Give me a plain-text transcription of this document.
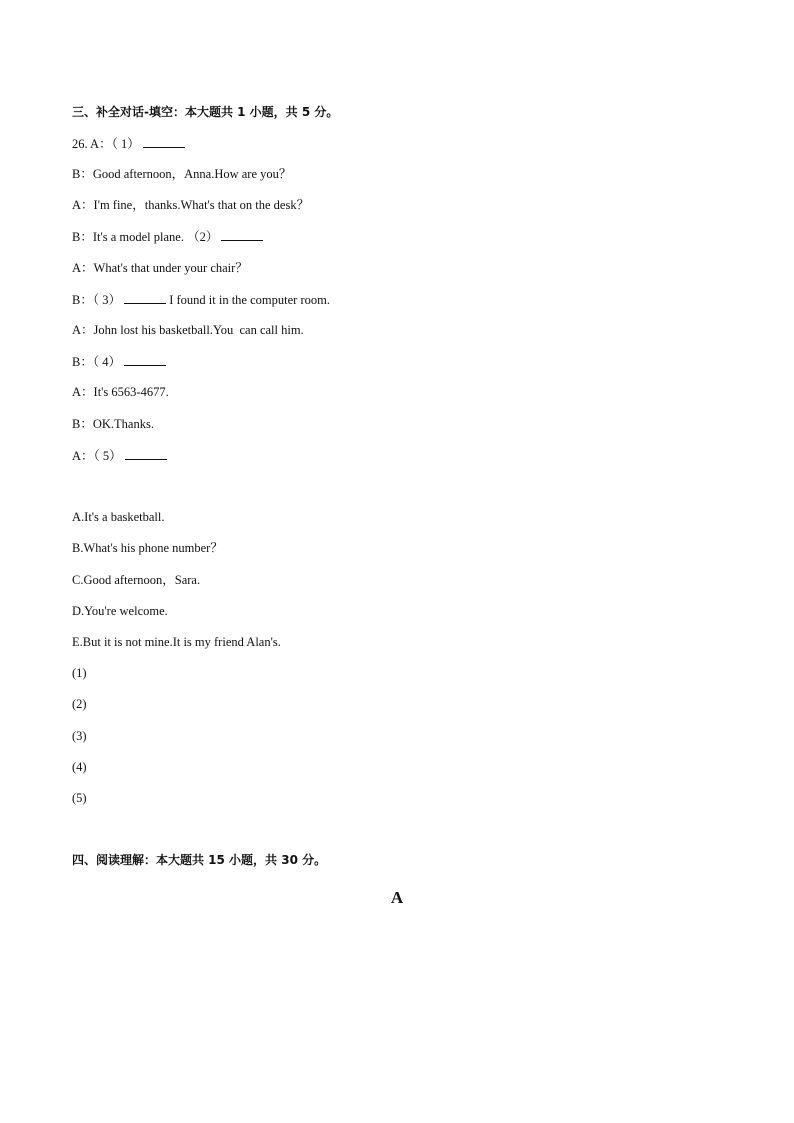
三、补全对话-填空：本大题共 1 小题，共 5 分。
26. A：（ 1）
B：Good afternoon，Anna.How are you？
A：I'm fine，thanks.What's that on the desk？
B：It's a model plane. （2）
A：What's that under your chair？
B：（ 3）	I found it in the computer room.
A：John lost his basketball.You  can call him.
B：（ 4）
A：It's 6563-4677.
B：OK.Thanks.
A：（ 5）
A.It's a basketball.
B.What's his phone number？
C.Good afternoon，Sara.
D.You're welcome.
E.But it is not mine.It is my friend Alan's.
(1)
(2)
(3)
(4)
(5)
四、阅读理解：本大题共 15 小题，共 30 分。
A
